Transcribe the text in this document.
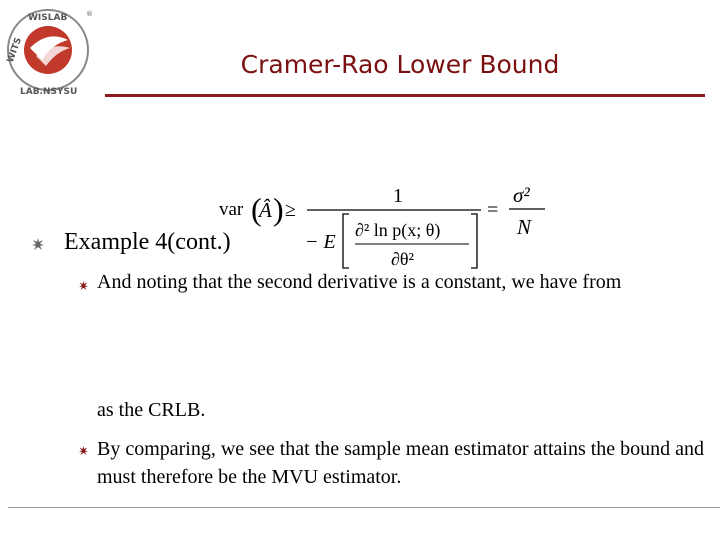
WISLAB
WITS
LAB.NSYSU
®
Cramer-Rao Lower Bound
var (
Â ) ≥
1
− E
∂² ln p(x; θ)
∂θ²
=
σ²
N
Example 4(cont.)
And noting that the second derivative is a constant, we have from
as the CRLB.
By comparing, we see that the sample mean estimator attains the bound and must therefore be the MVU estimator.
